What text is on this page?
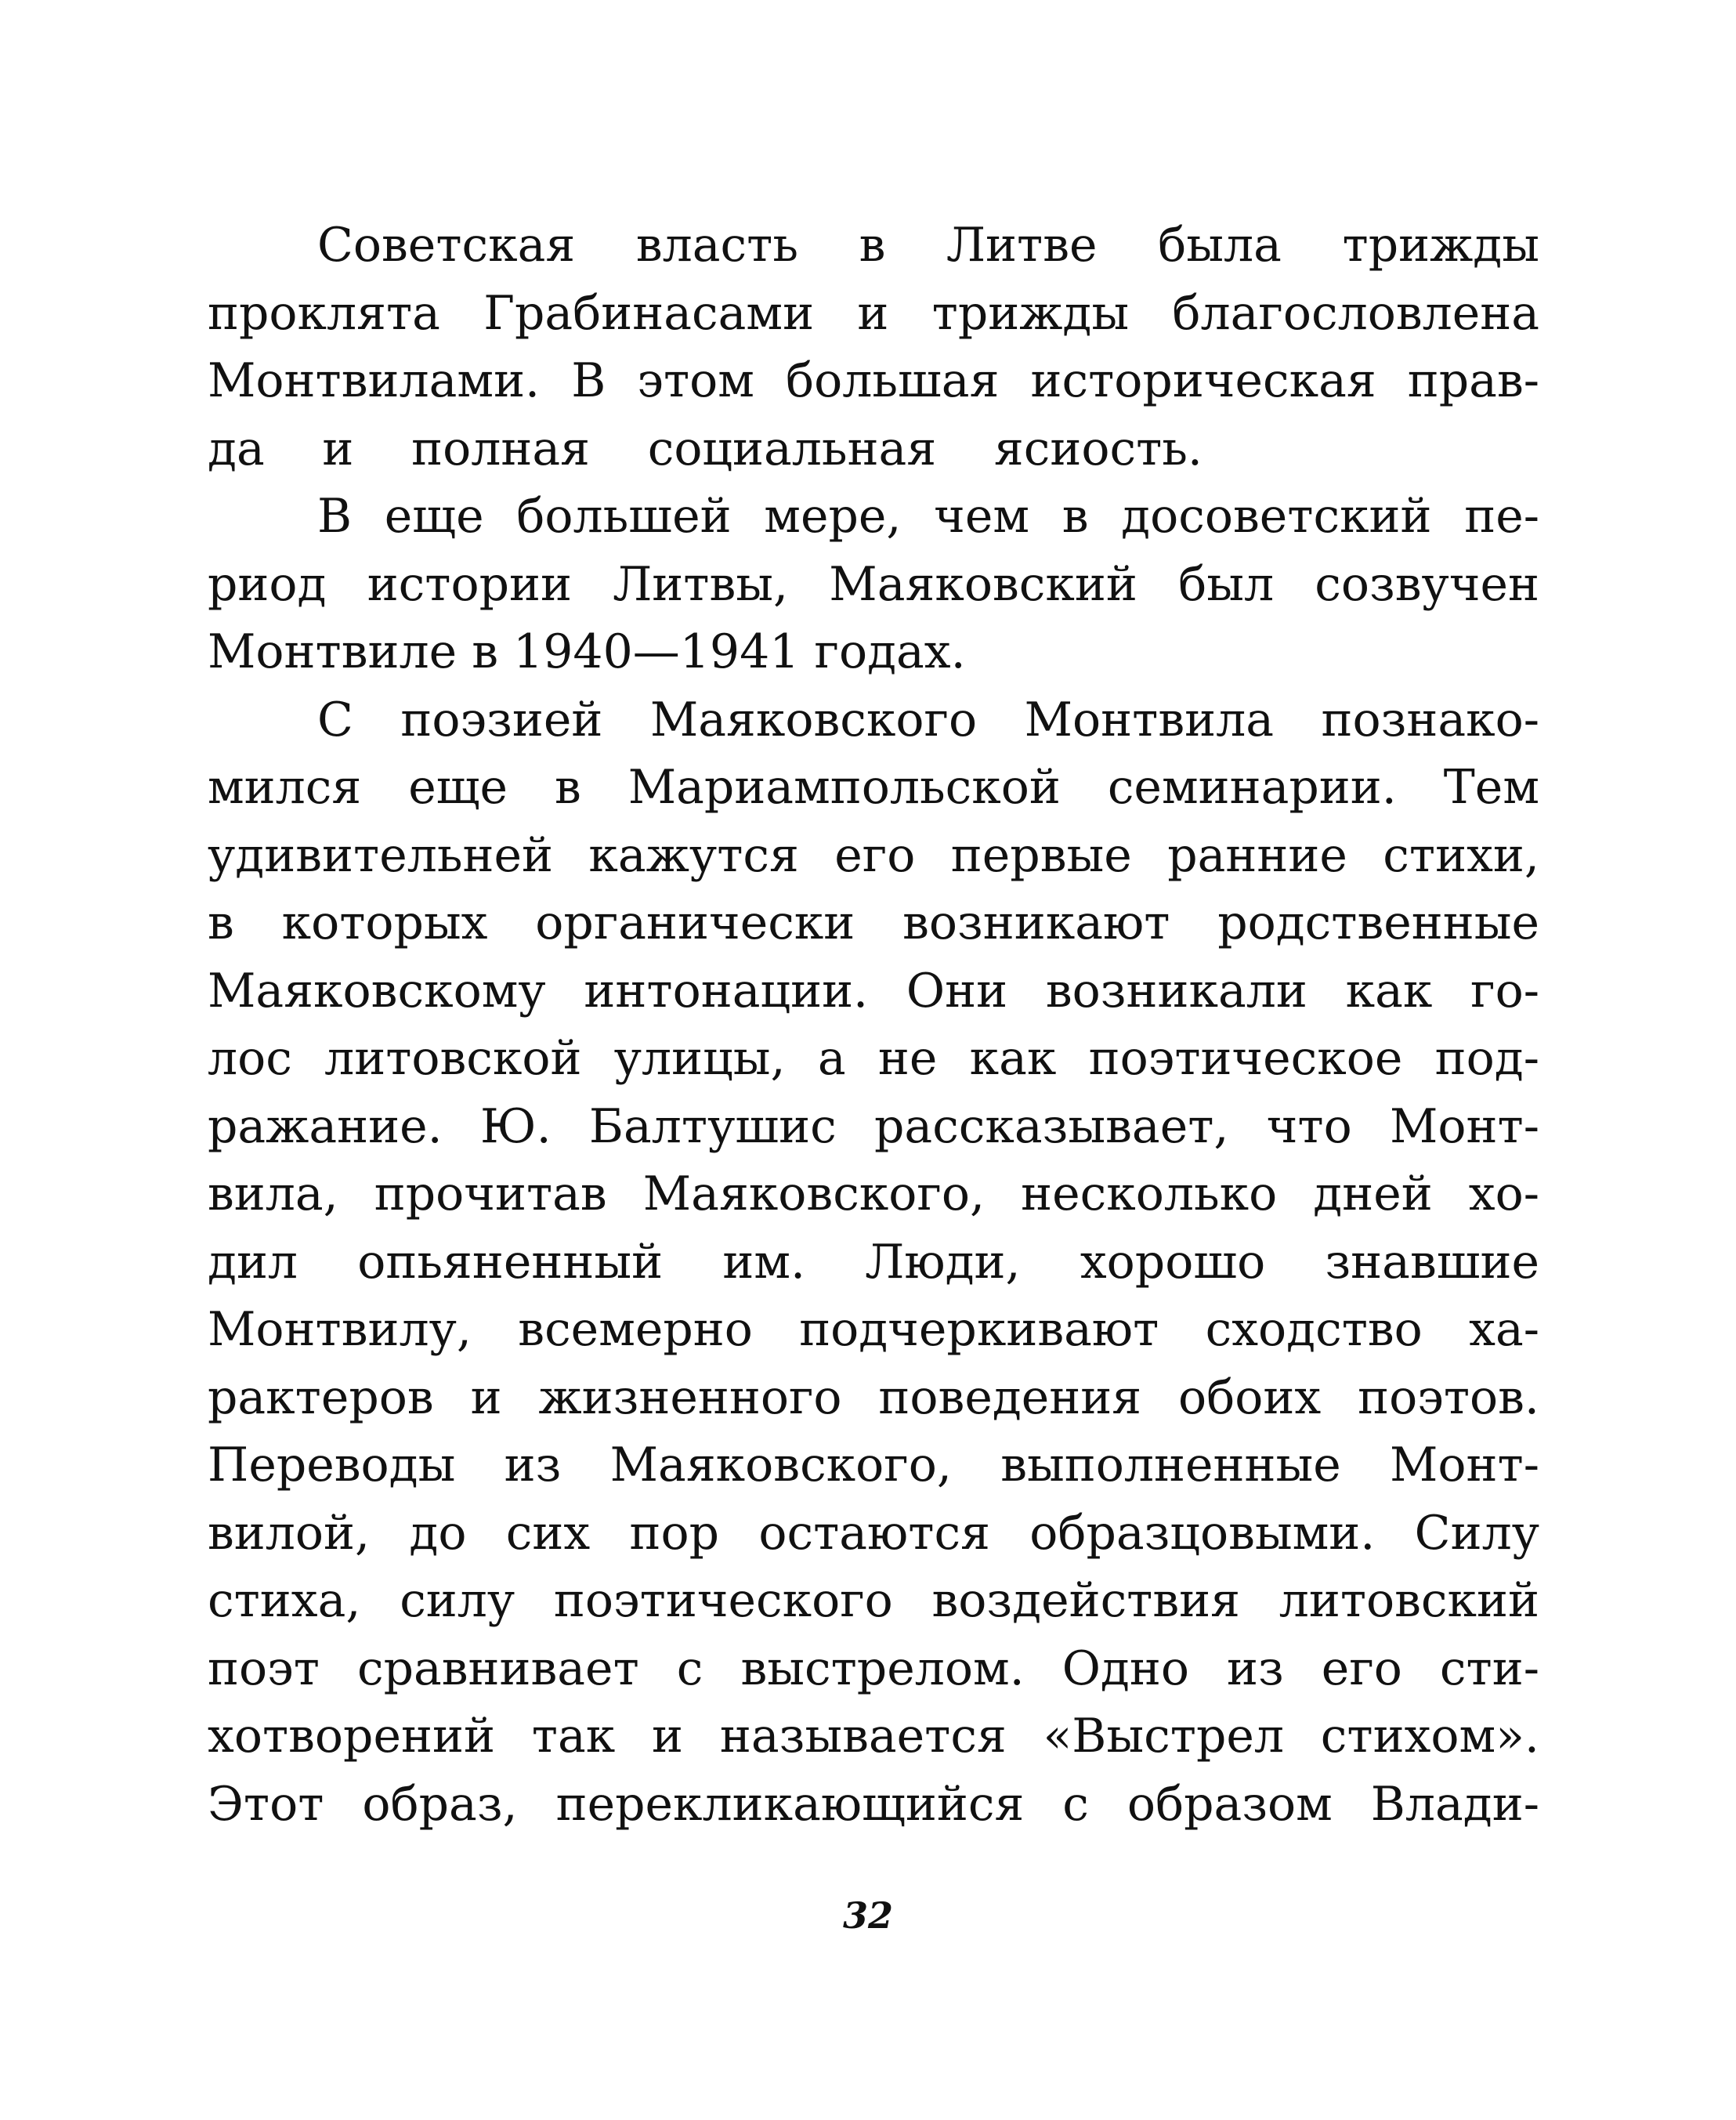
Советская власть в Литве была трижды
проклята Грабинасами и трижды благословлена
Монтвилами. В этом большая историческая прав-
да и полная социальная ясиость.
В еще большей мере, чем в досоветский пе-
риод истории Литвы, Маяковский был созвучен
Монтвиле в 1940—1941 годах.
С поэзией Маяковского Монтвила познако-
мился еще в Мариампольской семинарии. Тем
удивительней кажутся его первые ранние стихи,
в которых органически возникают родственные
Маяковскому интонации. Они возникали как го-
лос литовской улицы, а не как поэтическое под-
ражание. Ю. Балтушис рассказывает, что Монт-
вила, прочитав Маяковского, несколько дней хо-
дил опьяненный им. Люди, хорошо знавшие
Монтвилу, всемерно подчеркивают сходство ха-
рактеров и жизненного поведения обоих поэтов.
Переводы из Маяковского, выполненные Монт-
вилой, до сих пор остаются образцовыми. Силу
стиха, силу поэтического воздействия литовский
поэт сравнивает с выстрелом. Одно из его сти-
хотворений так и называется «Выстрел стихом».
Этот образ, перекликающийся с образом Влади-
32
